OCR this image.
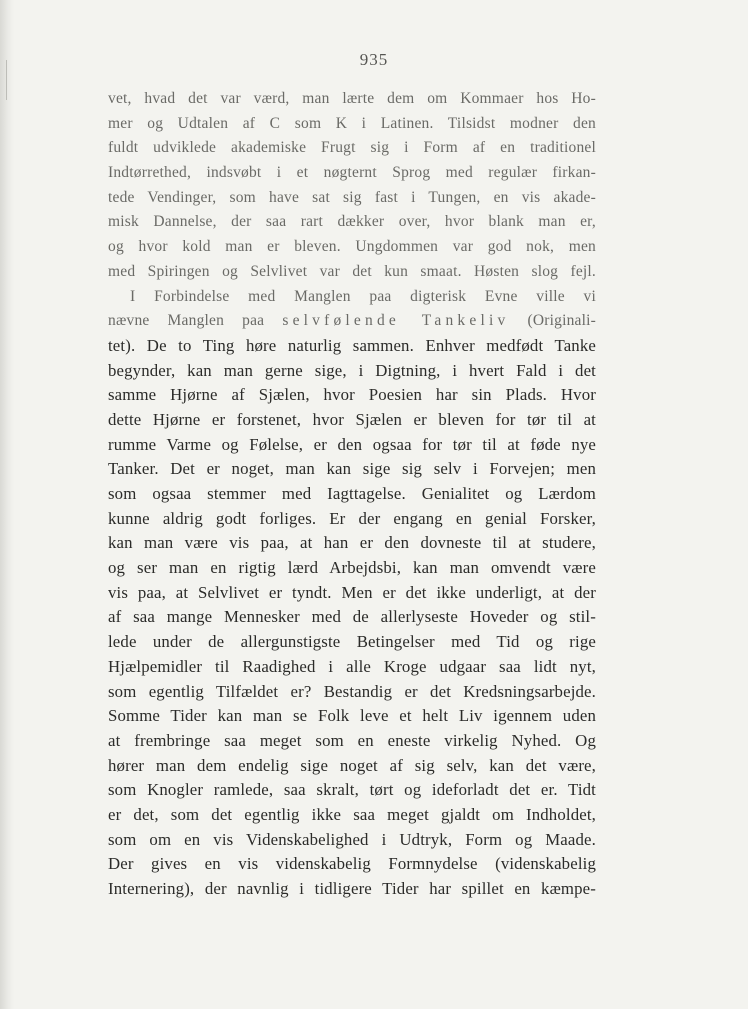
935
vet, hvad det var værd, man lærte dem om Kommaer hos Ho-
mer og Udtalen af C som K i Latinen. Tilsidst modner den
fuldt udviklede akademiske Frugt sig i Form af en traditionel
Indtørrethed, indsvøbt i et nøgternt Sprog med regulær firkan-
tede Vendinger, som have sat sig fast i Tungen, en vis akade-
misk Dannelse, der saa rart dækker over, hvor blank man er,
og hvor kold man er bleven. Ungdommen var god nok, men
med Spiringen og Selvlivet var det kun smaat. Høsten slog fejl.
I Forbindelse med Manglen paa digterisk Evne ville vi
nævne Manglen paa selvfølende Tankeliv (Originali-
tet). De to Ting høre naturlig sammen. Enhver medfødt Tanke
begynder, kan man gerne sige, i Digtning, i hvert Fald i det
samme Hjørne af Sjælen, hvor Poesien har sin Plads. Hvor
dette Hjørne er forstenet, hvor Sjælen er bleven for tør til at
rumme Varme og Følelse, er den ogsaa for tør til at føde nye
Tanker. Det er noget, man kan sige sig selv i Forvejen; men
som ogsaa stemmer med Iagttagelse. Genialitet og Lærdom
kunne aldrig godt forliges. Er der engang en genial Forsker,
kan man være vis paa, at han er den dovneste til at studere,
og ser man en rigtig lærd Arbejdsbi, kan man omvendt være
vis paa, at Selvlivet er tyndt. Men er det ikke underligt, at der
af saa mange Mennesker med de allerlyseste Hoveder og stil-
lede under de allergunstigste Betingelser med Tid og rige
Hjælpemidler til Raadighed i alle Kroge udgaar saa lidt nyt,
som egentlig Tilfældet er? Bestandig er det Kredsningsarbejde.
Somme Tider kan man se Folk leve et helt Liv igennem uden
at frembringe saa meget som en eneste virkelig Nyhed. Og
hører man dem endelig sige noget af sig selv, kan det være,
som Knogler ramlede, saa skralt, tørt og ideforladt det er. Tidt
er det, som det egentlig ikke saa meget gjaldt om Indholdet,
som om en vis Videnskabelighed i Udtryk, Form og Maade.
Der gives en vis videnskabelig Formnydelse (videnskabelig
Internering), der navnlig i tidligere Tider har spillet en kæmpe-
